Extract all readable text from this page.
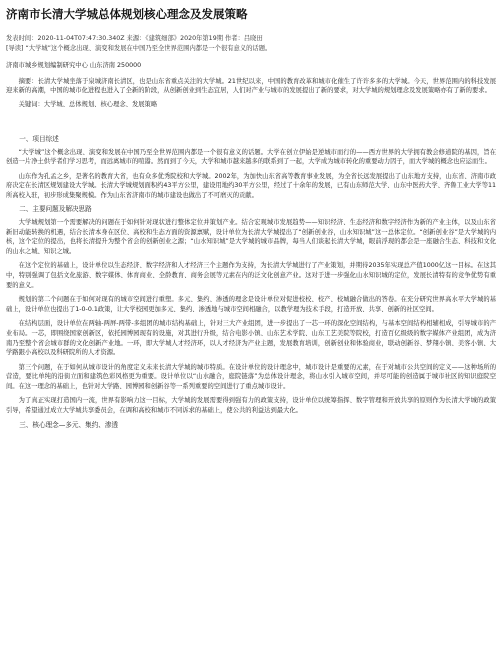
济南市长清大学城总体规划核心理念及发展策略

发表时间：2020-11-04T07:47:30.340Z 来源：《建筑细部》2020年第19期 作者：吕晓田

[导读] “大学城”这个概念出现、演变和发展在中国乃至全世界范围内都是一个很有意义的话题。

济南市城乡规划编制研究中心 山东济南 250000

摘要：长清大学城坐落于泉城济南长清区，也是山东省重点关注的大学城。21世纪以来，中国的教育改革和城市化催生了许许多多的大学城。今天，世界范围内的科技发展迎来新的高潮，中国的城市化进程也进入了全新的阶段，从创新创业到生态宜居，人们对产业与城市的发展提出了新的要求，对大学城的规划理念及发展策略亦有了新的要求。

关键词：大学城、总体规划、核心理念、发展策略

一、项目综述

“大学城”这个概念出现、演变和发展在中国乃至全世界范围内都是一个很有意义的话题。大学在创立伊始是逆城市而行的——西方世界的大学拥有教会修道院的基因，旨在创造一片净土供学者们学习思考，而远离城市的喧嚣。然而到了今天，大学和城市越来越多的联系到了一起，大学成为城市转化的重要动力因子，而大学城的概念也应运而生。

山东作为孔孟之乡，是著名的教育大省，也有众多优秀院校和大学城。2002年，为加快山东省高等教育事业发展，为全省长远发展提出了山东地方支持，山东省、济南市政府决定在长清区规划建设大学城。长清大学城规划面积约43平方公里，建设用地约30平方公里，经过了十余年的发展，已有山东师范大学、山东中医药大学、齐鲁工业大学等11所高校入驻，初步形成集聚规模。作为山东省济南市的城市建设也做出了不可磨灭的贡献。

二、主要问题及解决思路

大学城规划第一个需要解决的问题在于如何针对现状进行整体定位并策划产业。结合宏观城市发展趋势——知识经济、生态经济和数字经济作为新的产业主体，以及山东省新旧动能转换的机遇，结合长清本身在区位、高校和生态方面的资源禀赋，设计单位为长清大学城提出了“创新创业谷，山水知识城”这一总体定位。“创新创业谷”是大学城的内核，这个定位的提出，也将长清提升为整个省会的创新创业之源；“山水知识城”是大学城的城市品牌，每当人们谈起长清大学城，眼前浮现的都会是一座融合生态、科技和文化的山水之城、知识之城。

在这个定位的基础上，设计单位以生态经济、数字经济和人才经济三个主题作为支持，为长清大学城进行了产业策划，并期待2035年实现总产值1000亿这一目标。在这其中，特别强调了包括文化旅游、数字媒体、体育商业、全龄教育、商务会展等元素在内的泛文化创意产业。这对于进一步强化山水知识城的定位，发展长清特有的竞争优势有重要的意义。

规划的第二个问题在于如何对现有的城市空间进行重塑。多元、集约、渗透的理念是设计单位对促进校校、校产、校城融合做出的答卷。在充分研究世界高水平大学城的基础上，设计单位也提出了1-0-0.1政策，让大学校园更加多元、集约、渗透地与城市空间相融合，以教学理为技术手段，打造开放、共享、创新的社区空间。

在结构层面，设计单位在两轴-两屏-两带-多组团的城市结构基础上，针对三大产业组团，进一步提出了一芯一环的深化空间结构，与基本空间结构相辅相成，引导城市的产业布局。一芯，即围绕国家创新区，依托园博园现有的设施，对其进行升级，结合电影小镇、山东艺术学院、山东工艺美院等院校，打造百亿级级的数字媒体产业组团，成为济南乃至整个省会城市群的文化创新产业地。一环，即大学城人才经济环，以人才经济为产业主题，发展教育培训，创新创业和体验商业，联动创新谷、梦翔小镇、美客小镇、大学路跟小高校以及科研院所的人才资源。

第三个问题，在于如何从城市设计的角度定义未来长清大学城的城市特质。在设计单位的设计理念中，城市设计是重要的元素，在于对城市公共空间的定义——这种场所的营造，要比单纯的沿街立面和建筑色彩风格更为重要。设计单位以“山水融合，庭院链落”为总体设计理念，将山水引入城市空间，并尽可能的创造属于城市社区的知识庭院空间。在这一理念的基础上，也针对大学路、园博园和创新谷等一系列重要的空间进行了重点城市设计。

为了真正实现打造国内一流，世界有影响力这一目标，大学城的发展需要得到强有力的政策支持，设计单位以统筹指挥、数字管理和开放共享的原则作为长清大学城的政策引导，希望通过成立大学城共享委员会，在调和高校和城市不同诉求的基础上，使公共的利益达到最大化。

三、核心理念—多元、集约、渗透
